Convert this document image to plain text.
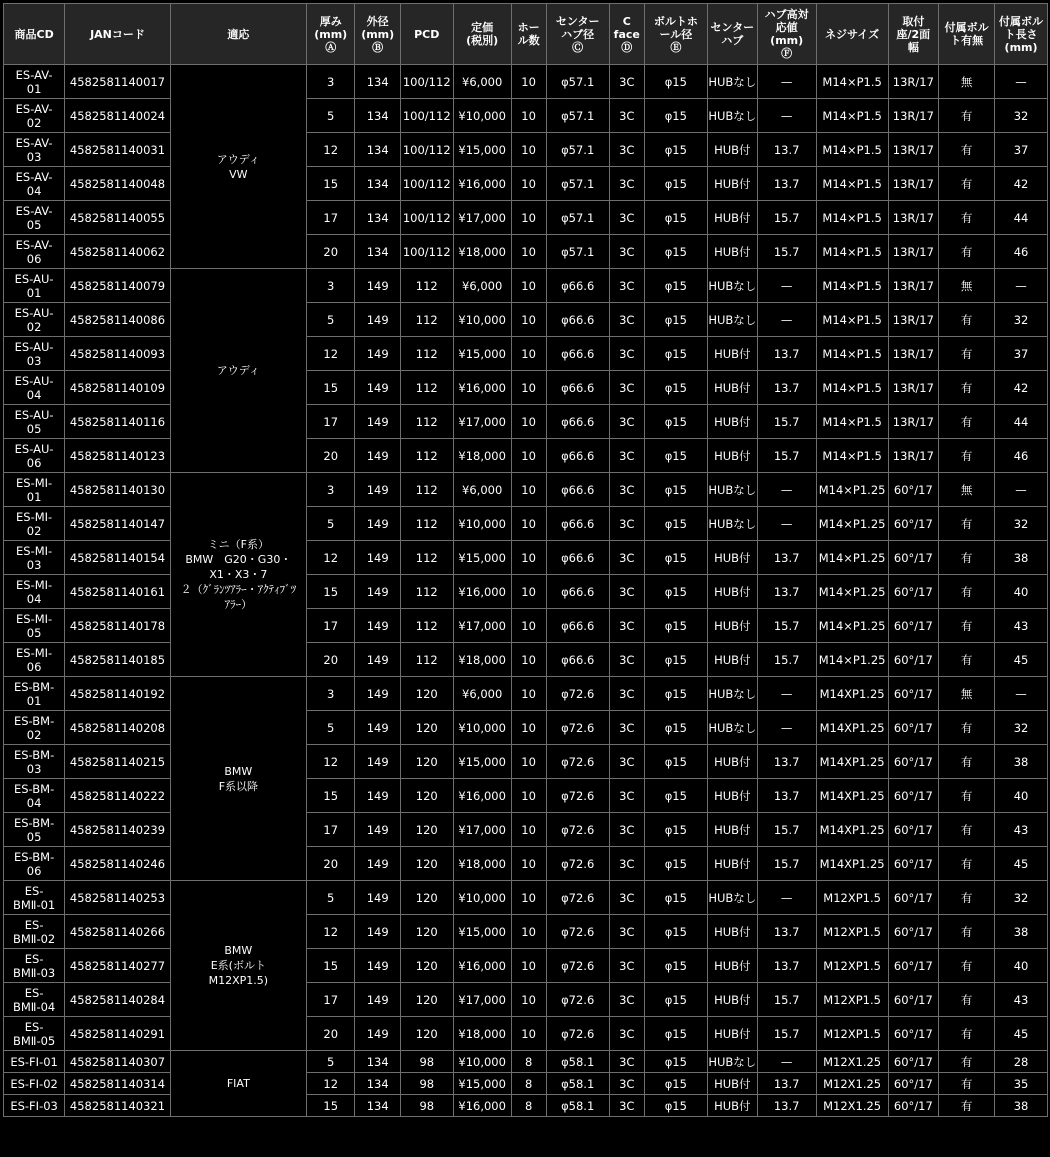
商品CD	JANコード	適応	厚み
(mm)
Ⓐ	外径
(mm)
Ⓑ	PCD	定価
(税別)	ホー
ル数	センター
ハブ径
Ⓒ	C
face
Ⓓ	ボルトホ
ール径
Ⓔ	センター
ハブ	ハブ高対
応値
(mm)
Ⓕ	ネジサイズ	取付
座/2面
幅	付属ボル
ト有無	付属ボル
ト長さ
(mm)
ES-AV-
01	4582581140017	アウディ
VW	3	134	100/112	¥6,000	10	φ57.1	3C	φ15	HUBなし	—	M14×P1.5	13R/17	無	—
ES-AV-
02	4582581140024		5	134	100/112	¥10,000	10	φ57.1	3C	φ15	HUBなし	—	M14×P1.5	13R/17	有	32
ES-AV-
03	4582581140031		12	134	100/112	¥15,000	10	φ57.1	3C	φ15	HUB付	13.7	M14×P1.5	13R/17	有	37
ES-AV-
04	4582581140048		15	134	100/112	¥16,000	10	φ57.1	3C	φ15	HUB付	13.7	M14×P1.5	13R/17	有	42
ES-AV-
05	4582581140055		17	134	100/112	¥17,000	10	φ57.1	3C	φ15	HUB付	15.7	M14×P1.5	13R/17	有	44
ES-AV-
06	4582581140062		20	134	100/112	¥18,000	10	φ57.1	3C	φ15	HUB付	15.7	M14×P1.5	13R/17	有	46
ES-AU-
01	4582581140079	アウディ	3	149	112	¥6,000	10	φ66.6	3C	φ15	HUBなし	—	M14×P1.5	13R/17	無	—
ES-AU-
02	4582581140086		5	149	112	¥10,000	10	φ66.6	3C	φ15	HUBなし	—	M14×P1.5	13R/17	有	32
ES-AU-
03	4582581140093		12	149	112	¥15,000	10	φ66.6	3C	φ15	HUB付	13.7	M14×P1.5	13R/17	有	37
ES-AU-
04	4582581140109		15	149	112	¥16,000	10	φ66.6	3C	φ15	HUB付	13.7	M14×P1.5	13R/17	有	42
ES-AU-
05	4582581140116		17	149	112	¥17,000	10	φ66.6	3C	φ15	HUB付	15.7	M14×P1.5	13R/17	有	44
ES-AU-
06	4582581140123		20	149	112	¥18,000	10	φ66.6	3C	φ15	HUB付	15.7	M14×P1.5	13R/17	有	46
ES-MI-
01	4582581140130	ミニ（F系）
BMW　G20・G30・
X1・X3・7
２（ｸﾞﾗﾝﾂｱﾗｰ・ｱｸﾃｨﾌﾞﾂ
ｱﾗｰ）	3	149	112	¥6,000	10	φ66.6	3C	φ15	HUBなし	—	M14×P1.25	60°/17	無	—
ES-MI-
02	4582581140147		5	149	112	¥10,000	10	φ66.6	3C	φ15	HUBなし	—	M14×P1.25	60°/17	有	32
ES-MI-
03	4582581140154		12	149	112	¥15,000	10	φ66.6	3C	φ15	HUB付	13.7	M14×P1.25	60°/17	有	38
ES-MI-
04	4582581140161		15	149	112	¥16,000	10	φ66.6	3C	φ15	HUB付	13.7	M14×P1.25	60°/17	有	40
ES-MI-
05	4582581140178		17	149	112	¥17,000	10	φ66.6	3C	φ15	HUB付	15.7	M14×P1.25	60°/17	有	43
ES-MI-
06	4582581140185		20	149	112	¥18,000	10	φ66.6	3C	φ15	HUB付	15.7	M14×P1.25	60°/17	有	45
ES-BM-
01	4582581140192	BMW
F系以降	3	149	120	¥6,000	10	φ72.6	3C	φ15	HUBなし	—	M14XP1.25	60°/17	無	—
ES-BM-
02	4582581140208		5	149	120	¥10,000	10	φ72.6	3C	φ15	HUBなし	—	M14XP1.25	60°/17	有	32
ES-BM-
03	4582581140215		12	149	120	¥15,000	10	φ72.6	3C	φ15	HUB付	13.7	M14XP1.25	60°/17	有	38
ES-BM-
04	4582581140222		15	149	120	¥16,000	10	φ72.6	3C	φ15	HUB付	13.7	M14XP1.25	60°/17	有	40
ES-BM-
05	4582581140239		17	149	120	¥17,000	10	φ72.6	3C	φ15	HUB付	15.7	M14XP1.25	60°/17	有	43
ES-BM-
06	4582581140246		20	149	120	¥18,000	10	φ72.6	3C	φ15	HUB付	15.7	M14XP1.25	60°/17	有	45
ES-
BMⅡ-01	4582581140253	BMW
E系(ボルト
M12XP1.5)	5	149	120	¥10,000	10	φ72.6	3C	φ15	HUBなし	—	M12XP1.5	60°/17	有	32
ES-
BMⅡ-02	4582581140266		12	149	120	¥15,000	10	φ72.6	3C	φ15	HUB付	13.7	M12XP1.5	60°/17	有	38
ES-
BMⅡ-03	4582581140277		15	149	120	¥16,000	10	φ72.6	3C	φ15	HUB付	13.7	M12XP1.5	60°/17	有	40
ES-
BMⅡ-04	4582581140284		17	149	120	¥17,000	10	φ72.6	3C	φ15	HUB付	15.7	M12XP1.5	60°/17	有	43
ES-
BMⅡ-05	4582581140291		20	149	120	¥18,000	10	φ72.6	3C	φ15	HUB付	15.7	M12XP1.5	60°/17	有	45
ES-FI-01	4582581140307	FIAT	5	134	98	¥10,000	8	φ58.1	3C	φ15	HUBなし	—	M12X1.25	60°/17	有	28
ES-FI-02	4582581140314		12	134	98	¥15,000	8	φ58.1	3C	φ15	HUB付	13.7	M12X1.25	60°/17	有	35
ES-FI-03	4582581140321		15	134	98	¥16,000	8	φ58.1	3C	φ15	HUB付	13.7	M12X1.25	60°/17	有	38
